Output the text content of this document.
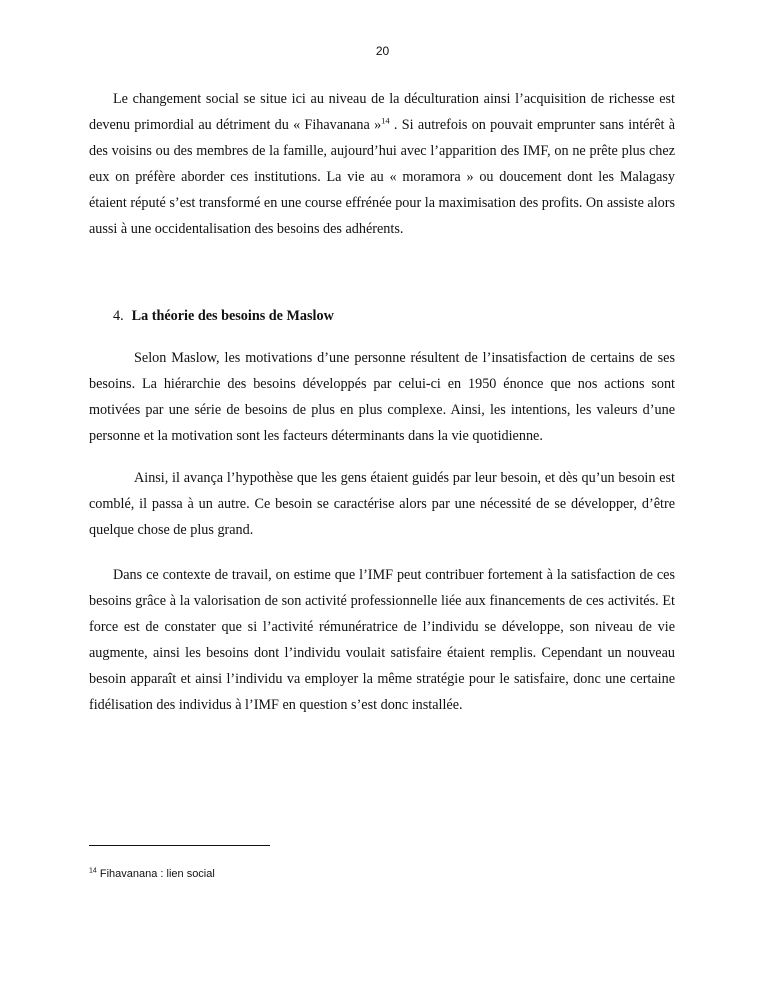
20

Le changement social se situe ici au niveau de la déculturation ainsi l’acquisition de richesse est devenu primordial au détriment du « Fihavanana »$^{14}$ . Si autrefois on pouvait emprunter sans intérêt à des voisins ou des membres de la famille, aujourd’hui avec l’apparition des IMF, on ne prête plus chez eux on préfère aborder ces institutions. La vie au « moramora » ou doucement dont les Malagasy étaient réputé s’est transformé en une course effrénée pour la maximisation des profits. On assiste alors aussi à une occidentalisation des besoins des adhérents.

4. La théorie des besoins de Maslow

Selon Maslow, les motivations d’une personne résultent de l’insatisfaction de certains de ses besoins. La hiérarchie des besoins développés par celui-ci en 1950 énonce que nos actions sont motivées par une série de besoins de plus en plus complexe. Ainsi, les intentions, les valeurs d’une personne et la motivation sont les facteurs déterminants dans la vie quotidienne.

Ainsi, il avança l’hypothèse que les gens étaient guidés par leur besoin, et dès qu’un besoin est comblé, il passa à un autre. Ce besoin se caractérise alors par une nécessité de se développer, d’être quelque chose de plus grand.

Dans ce contexte de travail, on estime que l’IMF peut contribuer fortement à la satisfaction de ces besoins grâce à la valorisation de son activité professionnelle liée aux financements de ces activités. Et force est de constater que si l’activité rémunératrice de l’individu se développe, son niveau de vie augmente, ainsi les besoins dont l’individu voulait satisfaire étaient remplis. Cependant un nouveau besoin apparaît et ainsi l’individu va employer la même stratégie pour le satisfaire, donc une certaine fidélisation des individus à l’IMF en question s’est donc installée.

$^{14}$ Fihavanana : lien social
